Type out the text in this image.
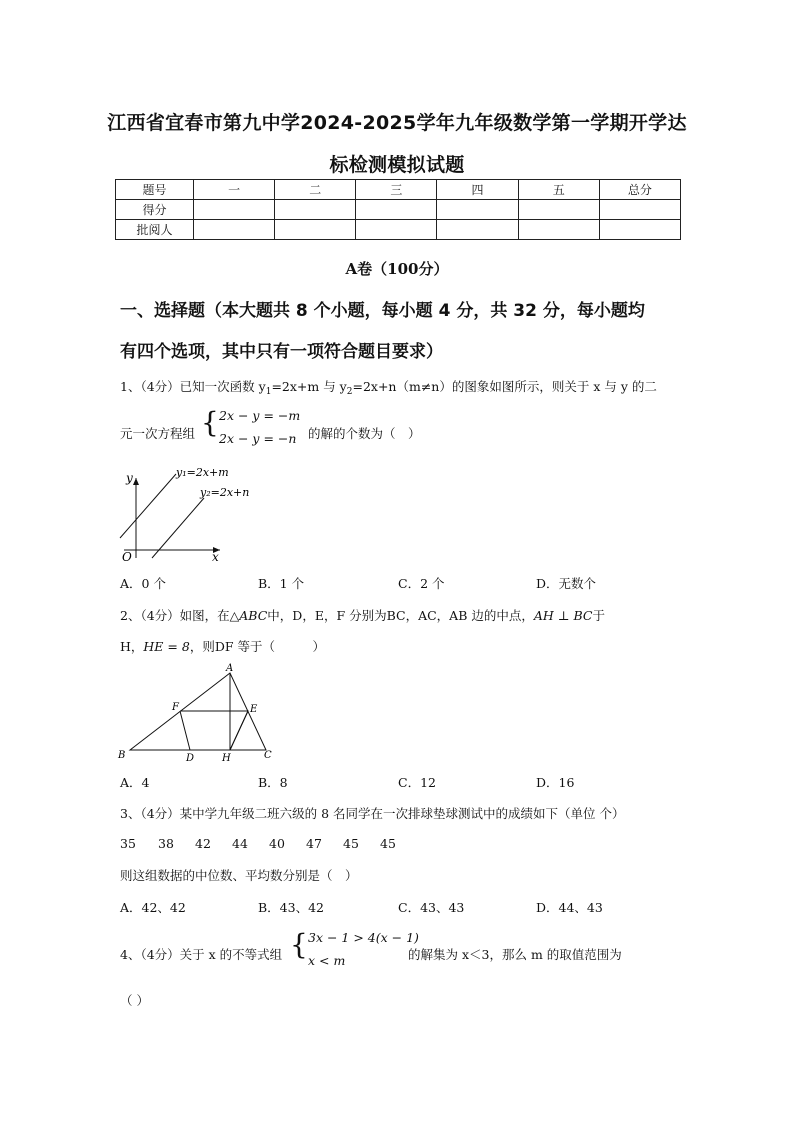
江西省宜春市第九中学2024-2025学年九年级数学第一学期开学达
标检测模拟试题
题号	一	二	三	四	五	总分
得分						
批阅人						
A卷（100分）
一、选择题（本大题共 8 个小题，每小题 4 分，共 32 分，每小题均
有四个选项，其中只有一项符合题目要求）
1、（4分）已知一次函数 $y_1=2x+m$ 与 $y_2=2x+n(m\ne n)$的图象如图所示，则关于 x 与 y 的二
元一次方程组 { 2x − y = −m
2x − y = −n 的解的个数为（　）
y
x
O
y₁=2x+m
y₂=2x+n
A．0 个	B．1 个	C．2 个	D．无数个
2、（4分）如图，在△ABC中，D，E，F 分别为BC，AC，AB 边的中点，AH ⊥ BC于
H，HE = 8，则DF 等于（　　　）
A
B	C
D
E
F
H
A．4	B．8	C．12	D．16
3、（4分）某中学九年级二班六级的 8 名同学在一次排球垫球测试中的成绩如下（单位 个）
35 38 42 44 40 47 45 45
则这组数据的中位数、平均数分别是（　）
A．42、42	B．43、42	C．43、43	D．44、43
4、（4分）关于 x 的不等式组 { 3x − 1 > 4(x − 1)
x < m	的解集为 x＜3，那么 m 的取值范围为
（ ）
